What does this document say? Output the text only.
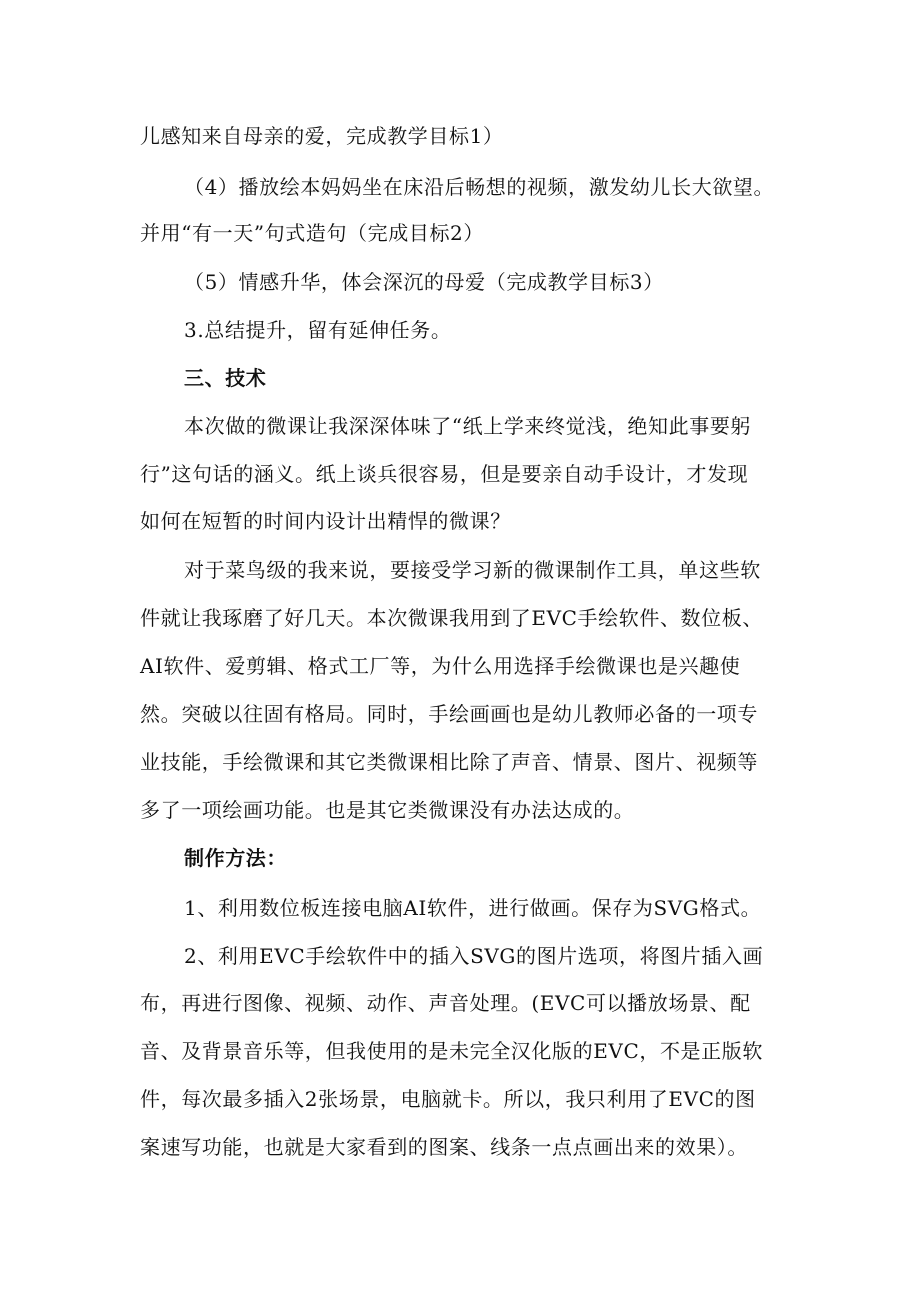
儿感知来自母亲的爱，完成教学目标1）
（4）播放绘本妈妈坐在床沿后畅想的视频，激发幼儿长大欲望。
并用“有一天”句式造句（完成目标2）
（5）情感升华，体会深沉的母爱（完成教学目标3）
3.总结提升，留有延伸任务。
三、技术
本次做的微课让我深深体味了“纸上学来终觉浅，绝知此事要躬
行”这句话的涵义。纸上谈兵很容易，但是要亲自动手设计，才发现
如何在短暂的时间内设计出精悍的微课？
对于菜鸟级的我来说，要接受学习新的微课制作工具，单这些软
件就让我琢磨了好几天。本次微课我用到了EVC手绘软件、数位板、
AI软件、爱剪辑、格式工厂等，为什么用选择手绘微课也是兴趣使
然。突破以往固有格局。同时，手绘画画也是幼儿教师必备的一项专
业技能，手绘微课和其它类微课相比除了声音、情景、图片、视频等
多了一项绘画功能。也是其它类微课没有办法达成的。
制作方法：
1、利用数位板连接电脑AI软件，进行做画。保存为SVG格式。
2、利用EVC手绘软件中的插入SVG的图片选项，将图片插入画
布，再进行图像、视频、动作、声音处理。(EVC可以播放场景、配
音、及背景音乐等，但我使用的是未完全汉化版的EVC，不是正版软
件，每次最多插入2张场景，电脑就卡。所以，我只利用了EVC的图
案速写功能，也就是大家看到的图案、线条一点点画出来的效果）。
